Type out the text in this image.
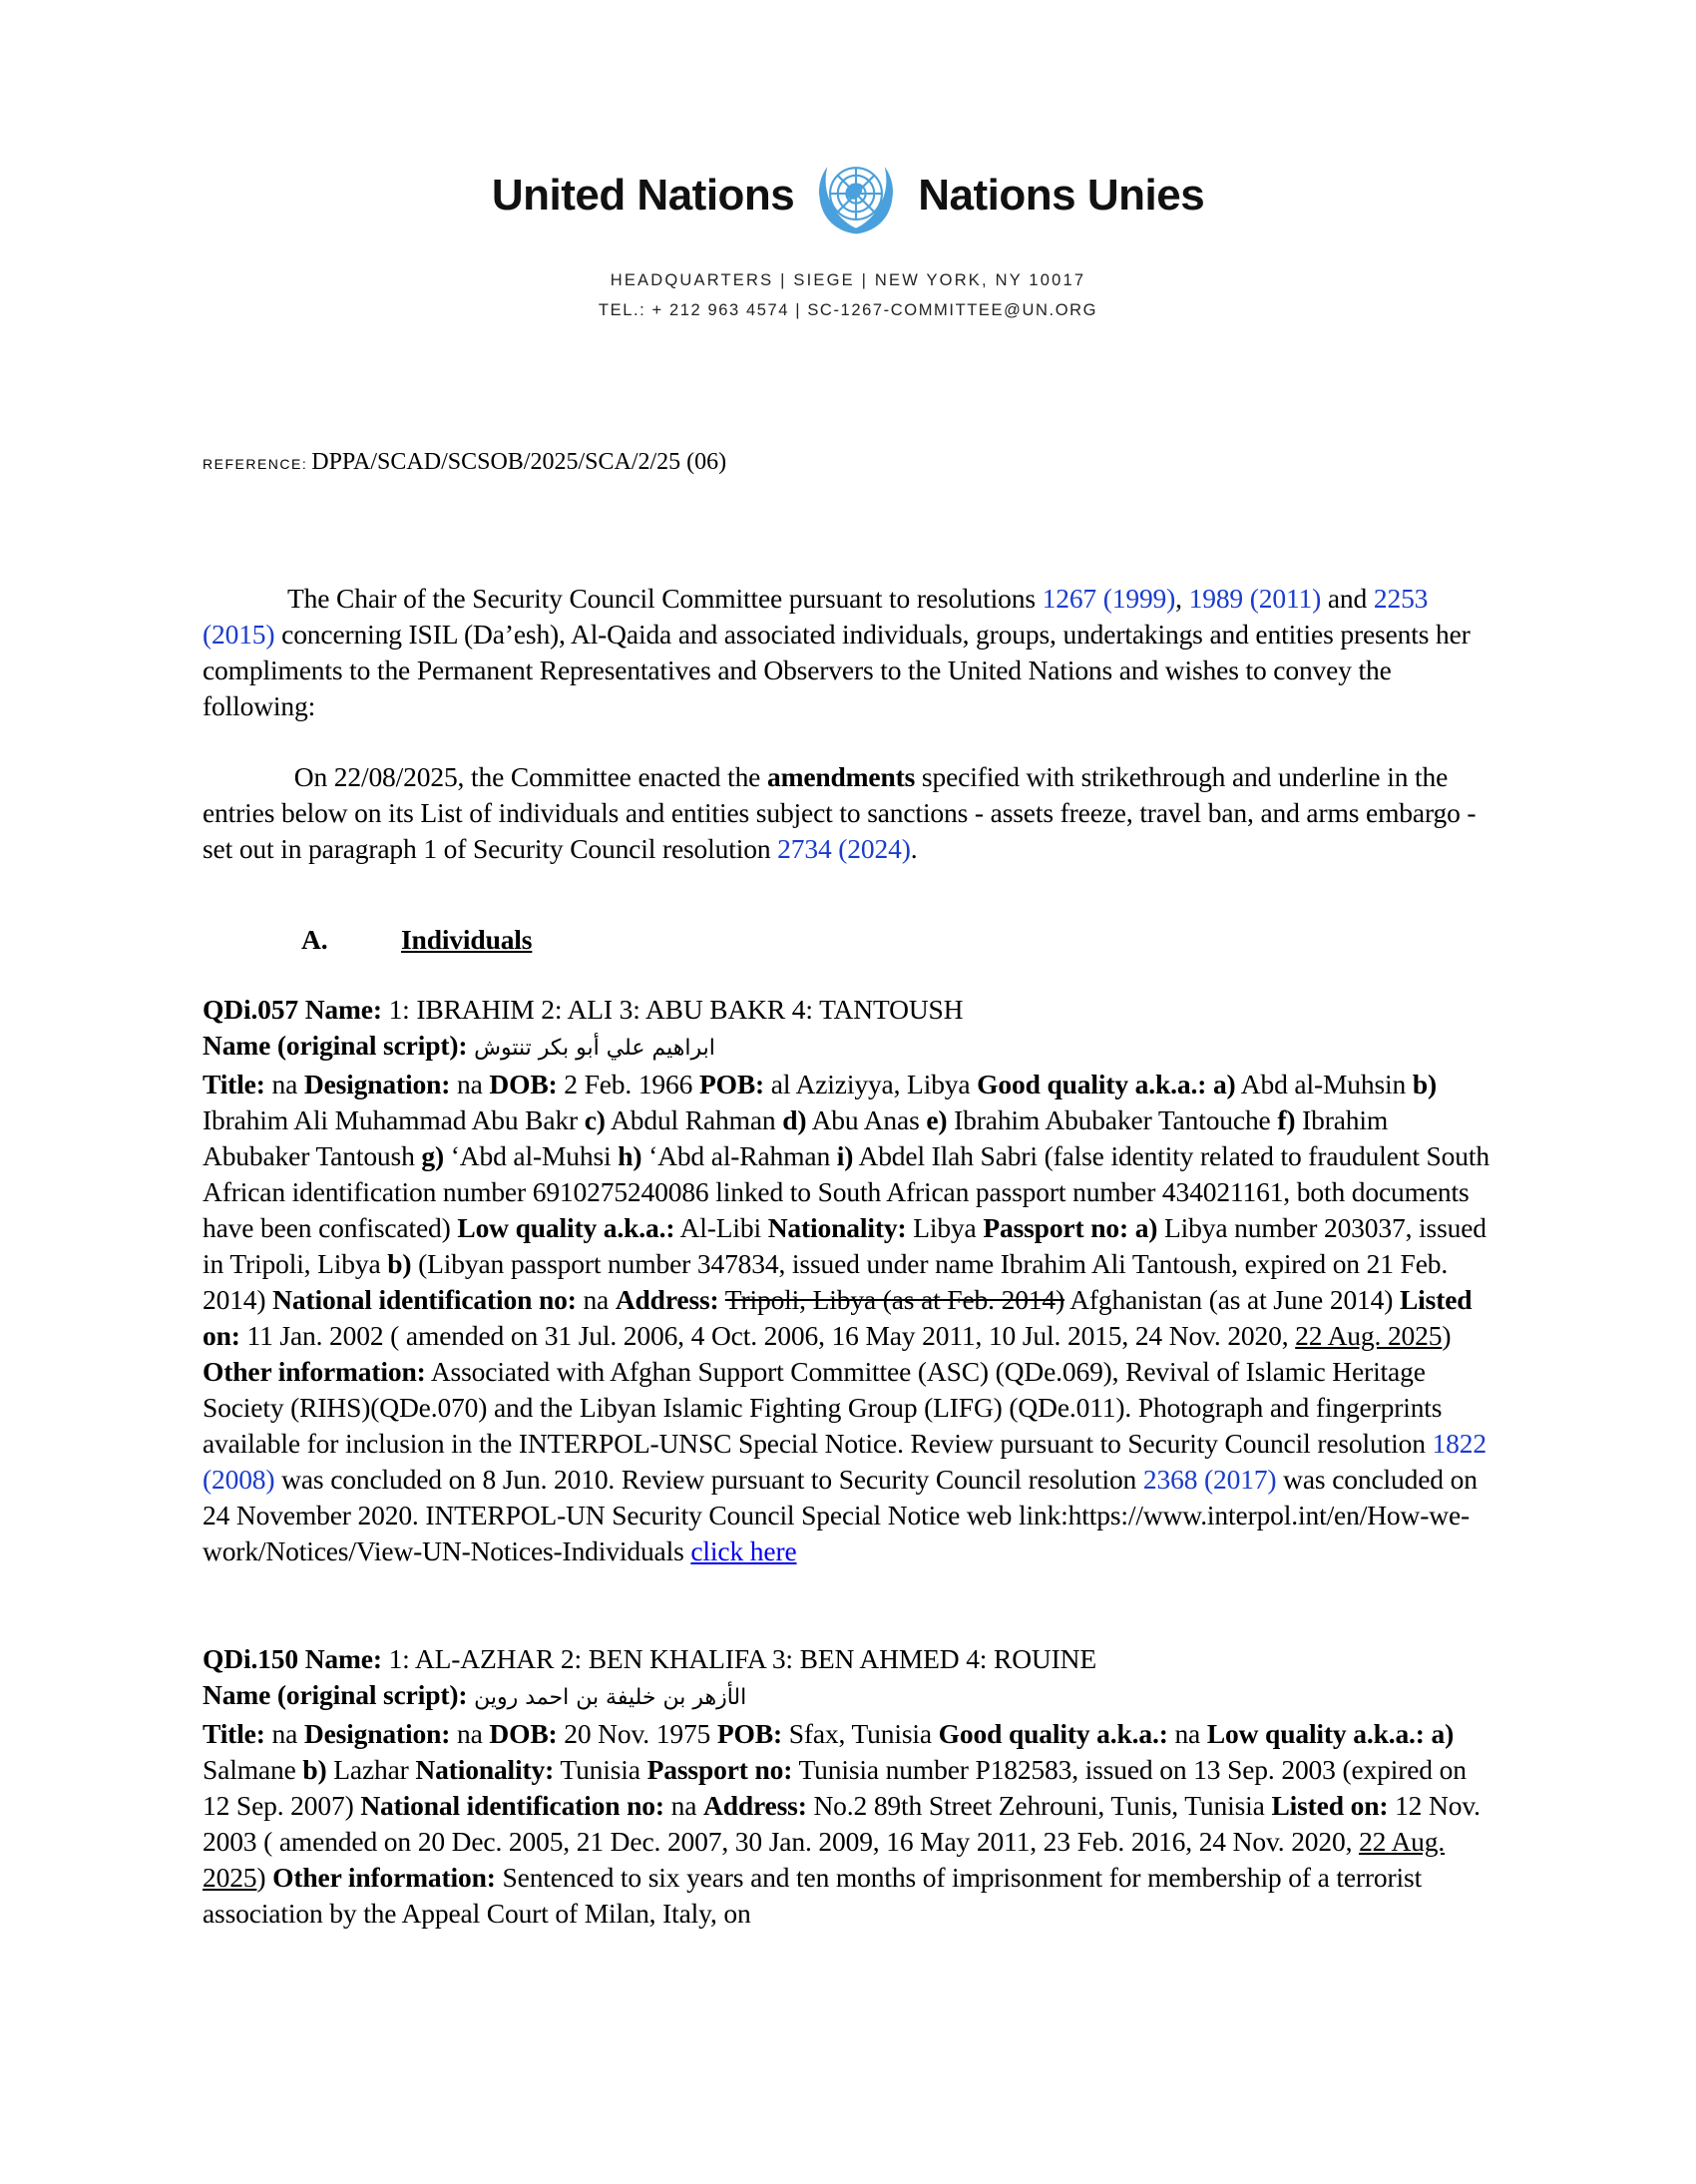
United Nations	Nations Unies
HEADQUARTERS | SIEGE | NEW YORK, NY 10017
TEL.: + 212 963 4574 | SC-1267-COMMITTEE@UN.ORG
REFERENCE: DPPA/SCAD/SCSOB/2025/SCA/2/25 (06)

The Chair of the Security Council Committee pursuant to resolutions 1267 (1999), 1989 (2011) and 2253 (2015) concerning ISIL (Da’esh), Al-Qaida and associated individuals, groups, undertakings and entities presents her compliments to the Permanent Representatives and Observers to the United Nations and wishes to convey the following:

On 22/08/2025, the Committee enacted the amendments specified with strikethrough and underline in the entries below on its List of individuals and entities subject to sanctions - assets freeze, travel ban, and arms embargo - set out in paragraph 1 of Security Council resolution 2734 (2024).

A.	Individuals

QDi.057 Name: 1: IBRAHIM 2: ALI 3: ABU BAKR 4: TANTOUSH
Name (original script): ابراهيم علي أبو بكر تنتوش
Title: na Designation: na DOB: 2 Feb. 1966 POB: al Aziziyya, Libya Good quality a.k.a.: a) Abd al-Muhsin b) Ibrahim Ali Muhammad Abu Bakr c) Abdul Rahman d) Abu Anas e) Ibrahim Abubaker Tantouche f) Ibrahim Abubaker Tantoush g) ‘Abd al-Muhsi h) ‘Abd al-Rahman i) Abdel Ilah Sabri (false identity related to fraudulent South African identification number 6910275240086 linked to South African passport number 434021161, both documents have been confiscated) Low quality a.k.a.: Al-Libi Nationality: Libya Passport no: a) Libya number 203037, issued in Tripoli, Libya b) (Libyan passport number 347834, issued under name Ibrahim Ali Tantoush, expired on 21 Feb. 2014) National identification no: na Address: Tripoli, Libya (as at Feb. 2014) Afghanistan (as at June 2014) Listed on: 11 Jan. 2002 ( amended on 31 Jul. 2006, 4 Oct. 2006, 16 May 2011, 10 Jul. 2015, 24 Nov. 2020, 22 Aug. 2025) Other information: Associated with Afghan Support Committee (ASC) (QDe.069), Revival of Islamic Heritage Society (RIHS)(QDe.070) and the Libyan Islamic Fighting Group (LIFG) (QDe.011). Photograph and fingerprints available for inclusion in the INTERPOL-UNSC Special Notice. Review pursuant to Security Council resolution 1822 (2008) was concluded on 8 Jun. 2010. Review pursuant to Security Council resolution 2368 (2017) was concluded on 24 November 2020. INTERPOL-UN Security Council Special Notice web link:https://www.interpol.int/en/How-we-work/Notices/View-UN-Notices-Individuals click here

QDi.150 Name: 1: AL-AZHAR 2: BEN KHALIFA 3: BEN AHMED 4: ROUINE
Name (original script): الأزهر بن خليفة بن احمد روين
Title: na Designation: na DOB: 20 Nov. 1975 POB: Sfax, Tunisia Good quality a.k.a.: na Low quality a.k.a.: a) Salmane b) Lazhar Nationality: Tunisia Passport no: Tunisia number P182583, issued on 13 Sep. 2003 (expired on 12 Sep. 2007) National identification no: na Address: No.2 89th Street Zehrouni, Tunis, Tunisia Listed on: 12 Nov. 2003 ( amended on 20 Dec. 2005, 21 Dec. 2007, 30 Jan. 2009, 16 May 2011, 23 Feb. 2016, 24 Nov. 2020, 22 Aug. 2025) Other information: Sentenced to six years and ten months of imprisonment for membership of a terrorist association by the Appeal Court of Milan, Italy, on
